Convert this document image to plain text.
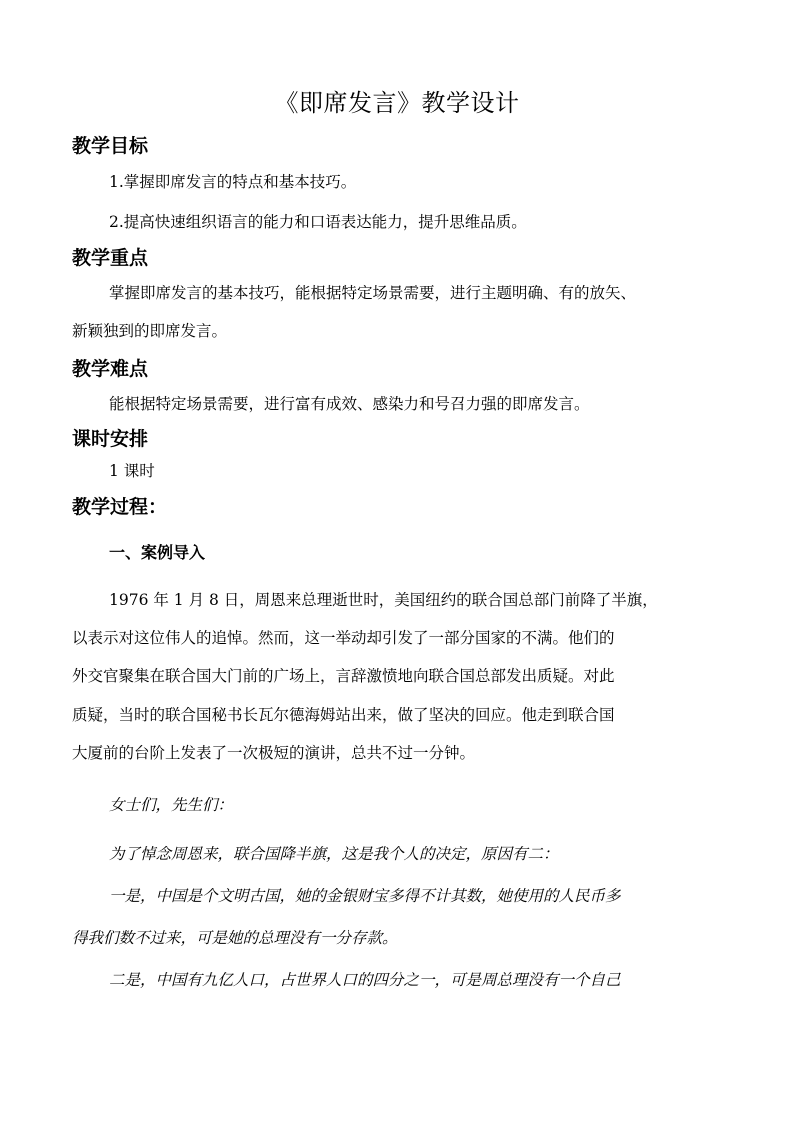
《即席发言》教学设计
教学目标
1.掌握即席发言的特点和基本技巧。
2.提高快速组织语言的能力和口语表达能力，提升思维品质。
教学重点
掌握即席发言的基本技巧，能根据特定场景需要，进行主题明确、有的放矢、
新颖独到的即席发言。
教学难点
能根据特定场景需要，进行富有成效、感染力和号召力强的即席发言。
课时安排
1 课时
教学过程：
一、案例导入
1976 年 1 月 8 日，周恩来总理逝世时，美国纽约的联合国总部门前降了半旗，
以表示对这位伟人的追悼。然而，这一举动却引发了一部分国家的不满。他们的
外交官聚集在联合国大门前的广场上，言辞激愤地向联合国总部发出质疑。对此
质疑，当时的联合国秘书长瓦尔德海姆站出来，做了坚决的回应。他走到联合国
大厦前的台阶上发表了一次极短的演讲，总共不过一分钟。
女士们，先生们：
为了悼念周恩来，联合国降半旗，这是我个人的决定，原因有二：
一是，中国是个文明古国，她的金银财宝多得不计其数，她使用的人民币多
得我们数不过来，可是她的总理没有一分存款。
二是，中国有九亿人口，占世界人口的四分之一，可是周总理没有一个自己
